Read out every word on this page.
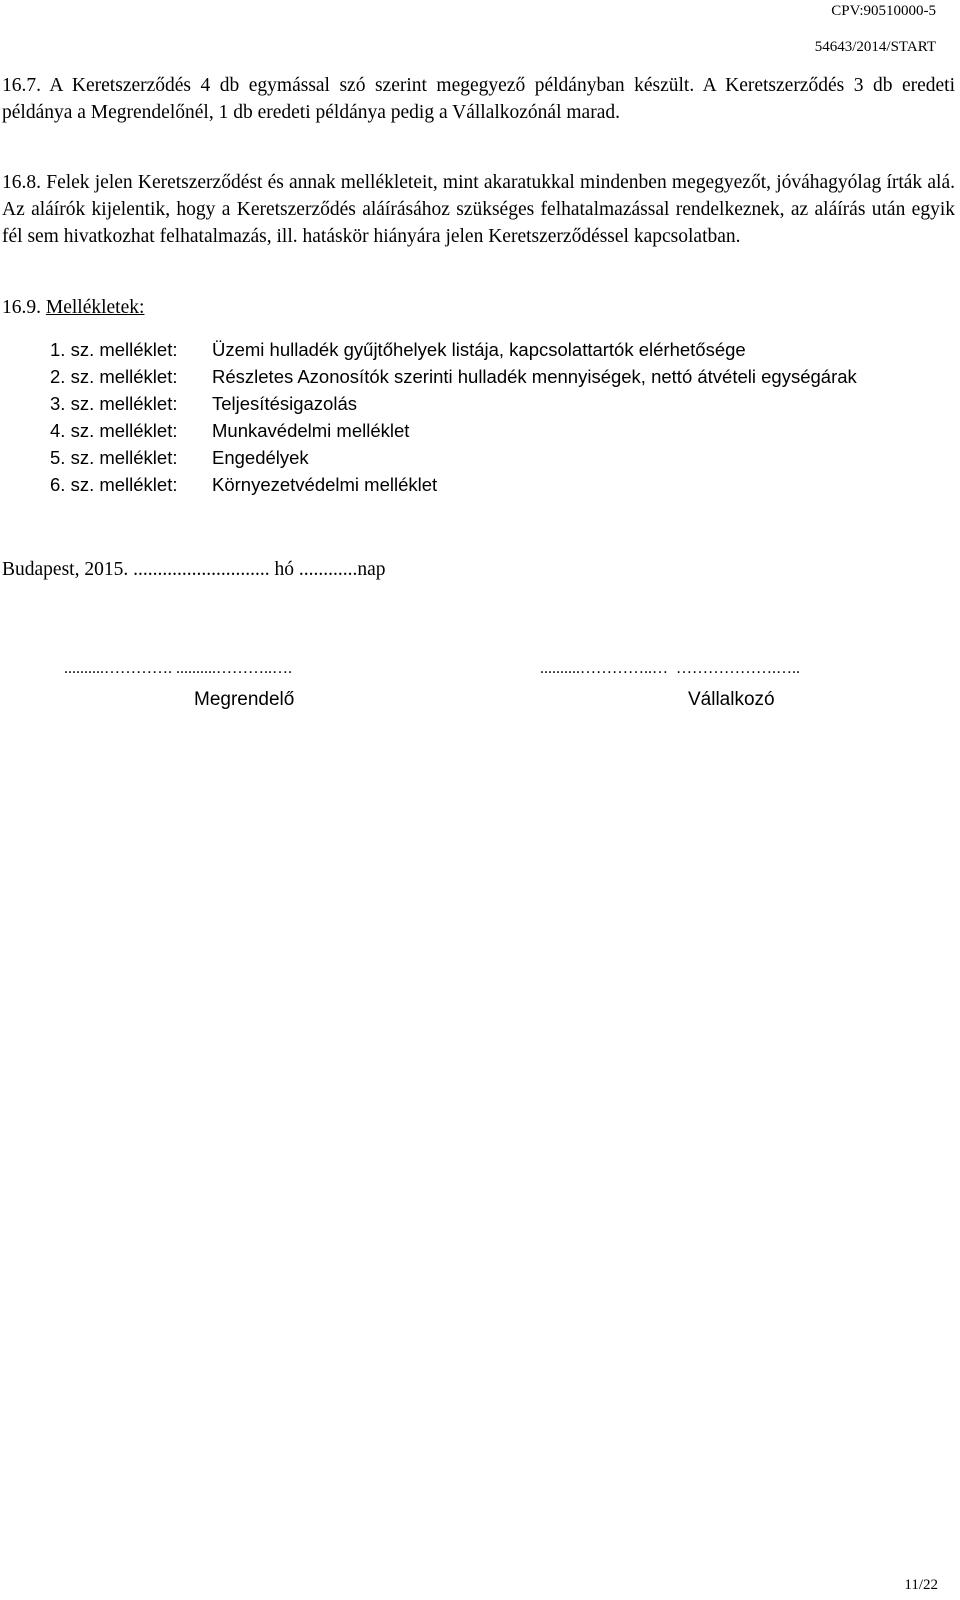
CPV:90510000-5
54643/2014/START
16.7. A Keretszerződés 4 db egymással szó szerint megegyező példányban készült. A Keretszerződés 3 db eredeti példánya a Megrendelőnél, 1 db eredeti példánya pedig a Vállalkozónál marad.
16.8. Felek jelen Keretszerződést és annak mellékleteit, mint akaratukkal mindenben megegyezőt, jóváhagyólag írták alá. Az aláírók kijelentik, hogy a Keretszerződés aláírásához szükséges felhatalmazással rendelkeznek, az aláírás után egyik fél sem hivatkozhat felhatalmazás, ill. hatáskör hiányára jelen Keretszerződéssel kapcsolatban.
16.9. Mellékletek:
1. sz. melléklet:	Üzemi hulladék gyűjtőhelyek listája, kapcsolattartók elérhetősége
2. sz. melléklet:	Részletes Azonosítók szerinti hulladék mennyiségek, nettó átvételi egységárak
3. sz. melléklet:	Teljesítésigazolás
4. sz. melléklet:	Munkavédelmi melléklet
5. sz. melléklet:	Engedélyek
6. sz. melléklet:	Környezetvédelmi melléklet
Budapest, 2015. ............................ hó ............nap
..........…………. ..........………..….	..........…………..…  ……………….…..
Megrendelő	Vállalkozó
11/22
